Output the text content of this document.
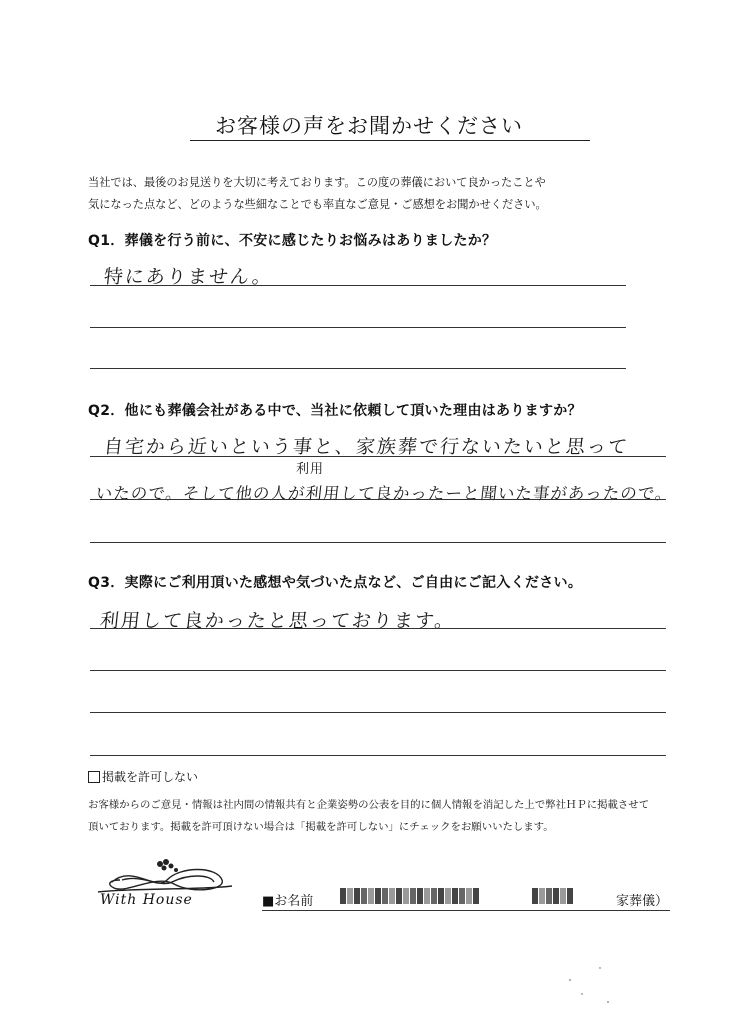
お客様の声をお聞かせください
当社では、最後のお見送りを大切に考えております。この度の葬儀において良かったことや
気になった点など、どのような些細なことでも率直なご意見・ご感想をお聞かせください。
Q1．葬儀を行う前に、不安に感じたりお悩みはありましたか？
特にありません。
Q2．他にも葬儀会社がある中で、当社に依頼して頂いた理由はありますか？
自宅から近いという事と、家族葬で行ないたいと思って
利用
いたので。そして他の人が利用して良かったーと聞いた事があったので。
Q3．実際にご利用頂いた感想や気づいた点など、ご自由にご記入ください。
利用して良かったと思っております。
掲載を許可しない
お客様からのご意見・情報は社内間の情報共有と企業姿勢の公表を目的に個人情報を消記した上で弊社ＨＰに掲載させて
頂いております。掲載を許可頂けない場合は「掲載を許可しない」にチェックをお願いいたします。
With House	■お名前	家葬儀）
